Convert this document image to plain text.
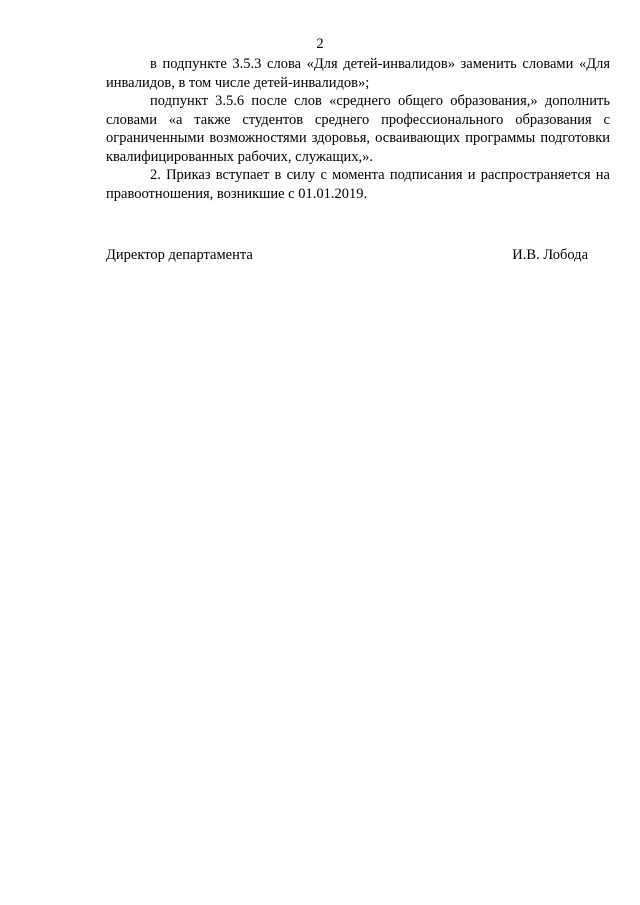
2

в подпункте 3.5.3 слова «Для детей-инвалидов» заменить словами «Для инвалидов, в том числе детей-инвалидов»;

подпункт 3.5.6 после слов «среднего общего образования,» дополнить словами «а также студентов среднего профессионального образования с ограниченными возможностями здоровья, осваивающих программы подготовки квалифицированных рабочих, служащих,».

2. Приказ вступает в силу с момента подписания и распространяется на правоотношения, возникшие с 01.01.2019.

Директор департамента	И.В. Лобода
